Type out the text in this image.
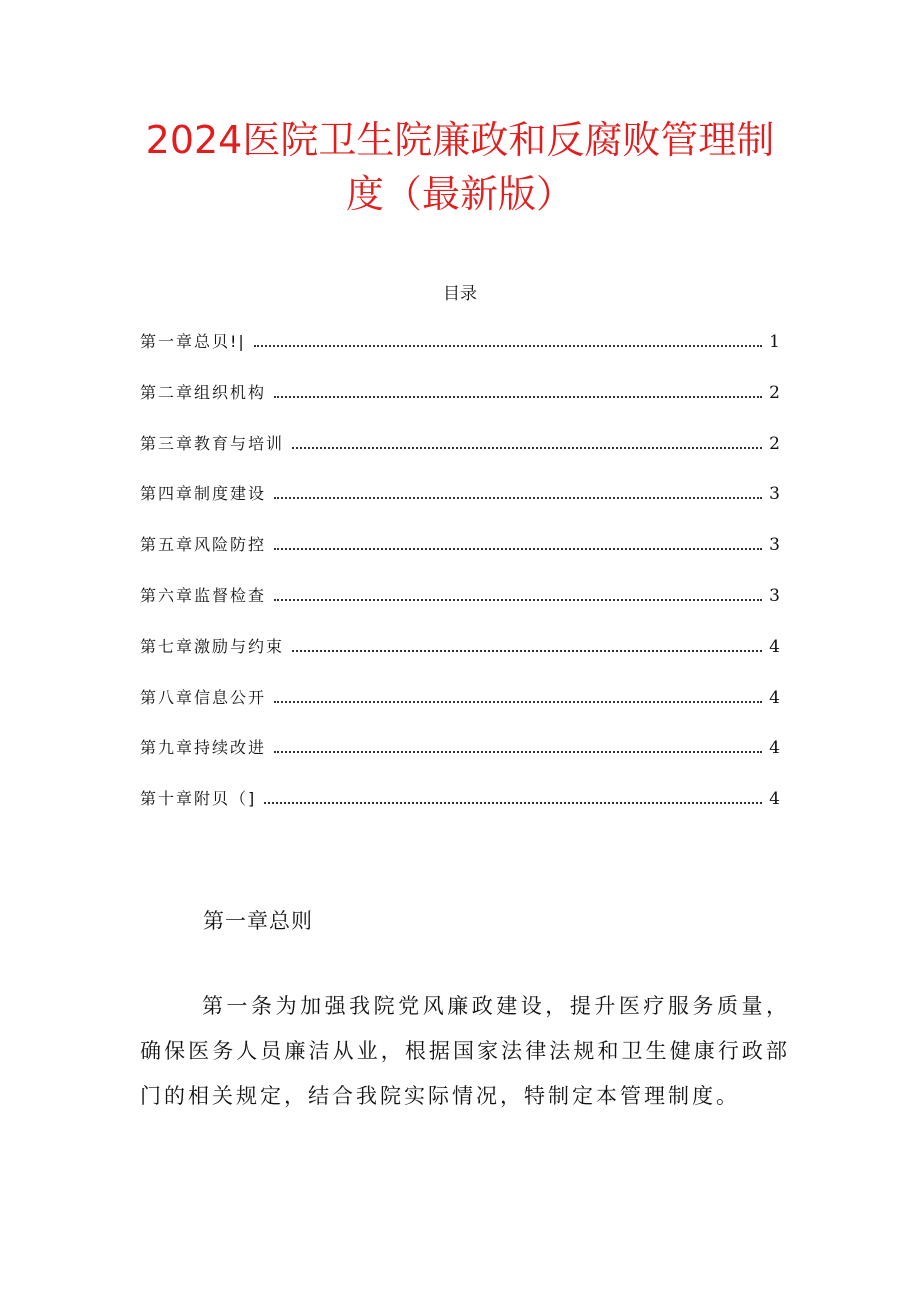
2024医院卫生院廉政和反腐败管理制
度（最新版）
目录
第一章总贝!|	1
第二章组织机构	2
第三章教育与培训	2
第四章制度建设	3
第五章风险防控	3
第六章监督检查	3
第七章激励与约束	4
第八章信息公开	4
第九章持续改进	4
第十章附贝（]	4
第一章总则
第一条为加强我院党风廉政建设，提升医疗服务质量，确保医务人员廉洁从业，根据国家法律法规和卫生健康行政部门的相关规定，结合我院实际情况，特制定本管理制度。
